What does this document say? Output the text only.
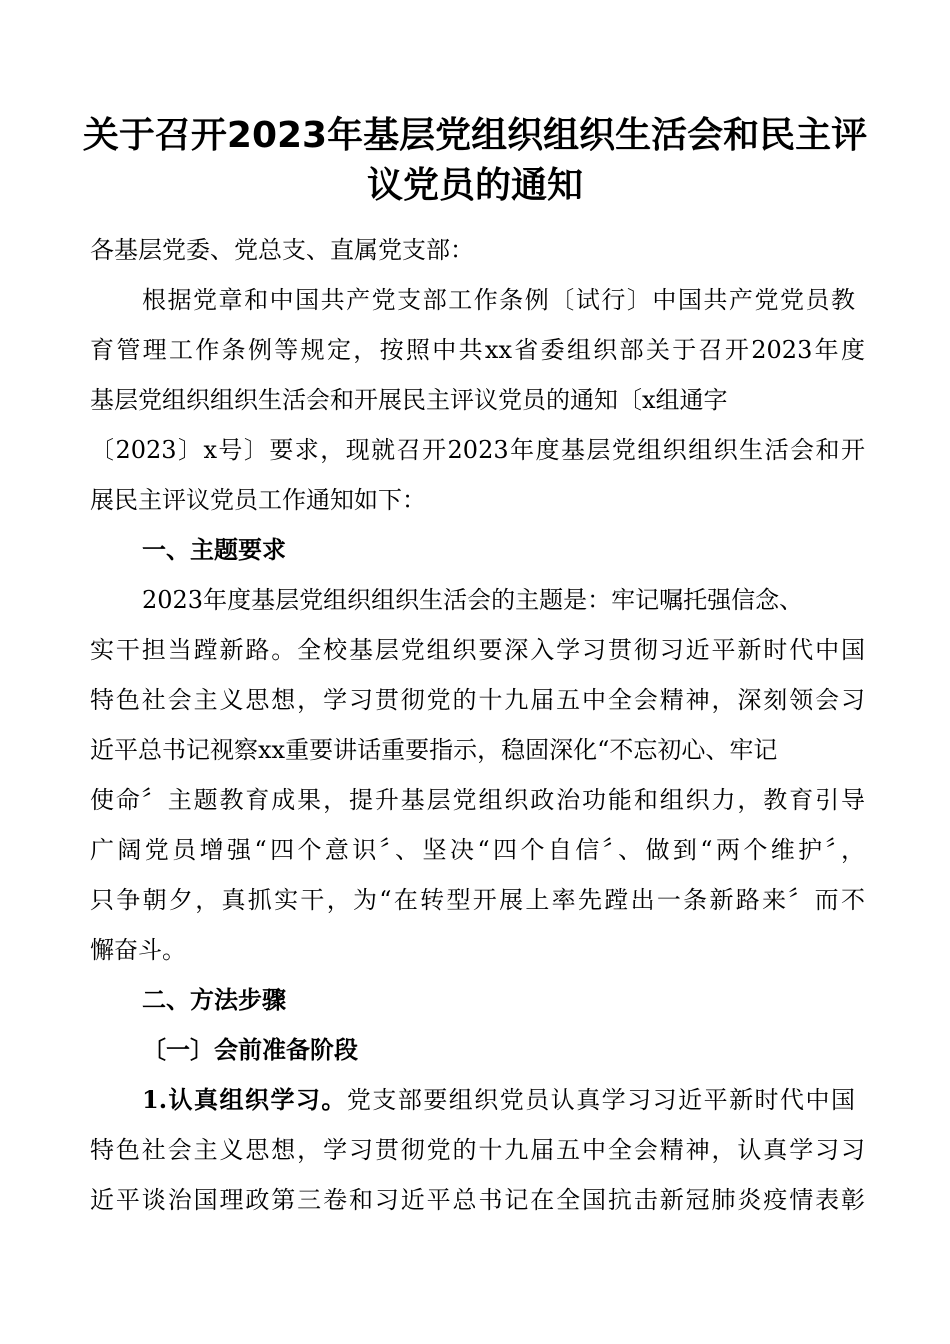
关于召开2023年基层党组织组织生活会和民主评
议党员的通知
各基层党委、党总支、直属党支部：
根据党章和中国共产党支部工作条例〔试行〕中国共产党党员教
育管理工作条例等规定，按照中共xx省委组织部关于召开2023年度
基层党组织组织生活会和开展民主评议党员的通知〔x组通字
〔2023〕x号〕要求，现就召开2023年度基层党组织组织生活会和开
展民主评议党员工作通知如下：
一、主题要求
2023年度基层党组织组织生活会的主题是：牢记嘱托强信念、
实干担当蹚新路。全校基层党组织要深入学习贯彻习近平新时代中国
特色社会主义思想，学习贯彻党的十九届五中全会精神，深刻领会习
近平总书记视察xx重要讲话重要指示，稳固深化“不忘初心、牢记
使命〞主题教育成果，提升基层党组织政治功能和组织力，教育引导
广阔党员增强“四个意识〞、坚决“四个自信〞、做到“两个维护〞，
只争朝夕，真抓实干，为“在转型开展上率先蹚出一条新路来〞而不
懈奋斗。
二、方法步骤
〔一〕会前准备阶段
1.认真组织学习。党支部要组织党员认真学习习近平新时代中国
特色社会主义思想，学习贯彻党的十九届五中全会精神，认真学习习
近平谈治国理政第三卷和习近平总书记在全国抗击新冠肺炎疫情表彰
